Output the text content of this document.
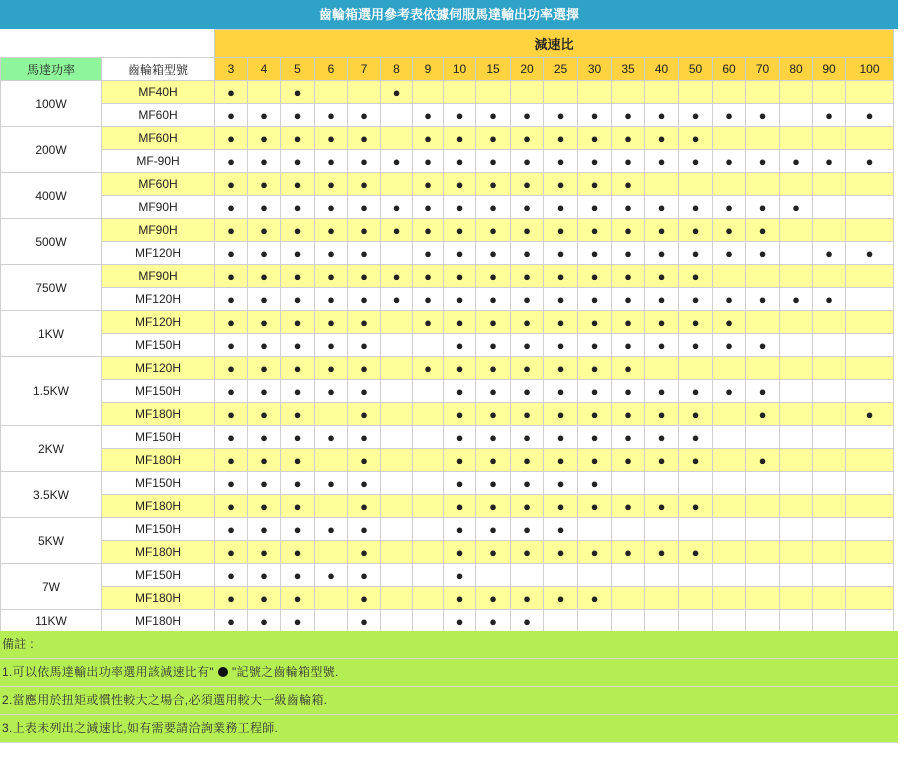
齒輪箱選用參考表依據伺服馬達輸出功率選擇
		減速比																			
馬達功率	齒輪箱型號	3	4	5	6	7	8	9	10	15	20	25	30	35	40	50	60	70	80	90	100
100W	MF40H	●		●			●														
	MF60H	●	●	●	●	●		●	●	●	●	●	●	●	●	●	●	●		●	●
200W	MF60H	●	●	●	●	●		●	●	●	●	●	●	●	●	●					
	MF-90H	●	●	●	●	●	●	●	●	●	●	●	●	●	●	●	●	●	●	●	●
400W	MF60H	●	●	●	●	●		●	●	●	●	●	●	●							
	MF90H	●	●	●	●	●	●	●	●	●	●	●	●	●	●	●	●	●	●		
500W	MF90H	●	●	●	●	●	●	●	●	●	●	●	●	●	●	●	●	●			
	MF120H	●	●	●	●	●		●	●	●	●	●	●	●	●	●	●	●		●	●
750W	MF90H	●	●	●	●	●	●	●	●	●	●	●	●	●	●	●					
	MF120H	●	●	●	●	●	●	●	●	●	●	●	●	●	●	●	●	●	●	●	
1KW	MF120H	●	●	●	●	●		●	●	●	●	●	●	●	●	●	●				
	MF150H	●	●	●	●	●			●	●	●	●	●	●	●	●	●	●			
1.5KW	MF120H	●	●	●	●	●		●	●	●	●	●	●	●							
	MF150H	●	●	●	●	●			●	●	●	●	●	●	●	●	●	●			
	MF180H	●	●	●		●			●	●	●	●	●	●	●	●		●			●
2KW	MF150H	●	●	●	●	●			●	●	●	●	●	●	●	●					
	MF180H	●	●	●		●			●	●	●	●	●	●	●	●		●			
3.5KW	MF150H	●	●	●	●	●			●	●	●	●	●								
	MF180H	●	●	●		●			●	●	●	●	●	●	●	●					
5KW	MF150H	●	●	●	●	●			●	●	●	●									
	MF180H	●	●	●		●			●	●	●	●	●	●	●	●					
7W	MF150H	●	●	●	●	●			●												
	MF180H	●	●	●		●			●	●	●	●	●								
11KW	MF180H	●	●	●		●			●	●	●										
備註 :
1.可以依馬達輸出功率選用該減速比有" "記號之齒輪箱型號.
2.當應用於扭矩或慣性較大之場合,必須選用較大一級齒輪箱.
3.上表未列出之減速比,如有需要請洽詢業務工程師.
